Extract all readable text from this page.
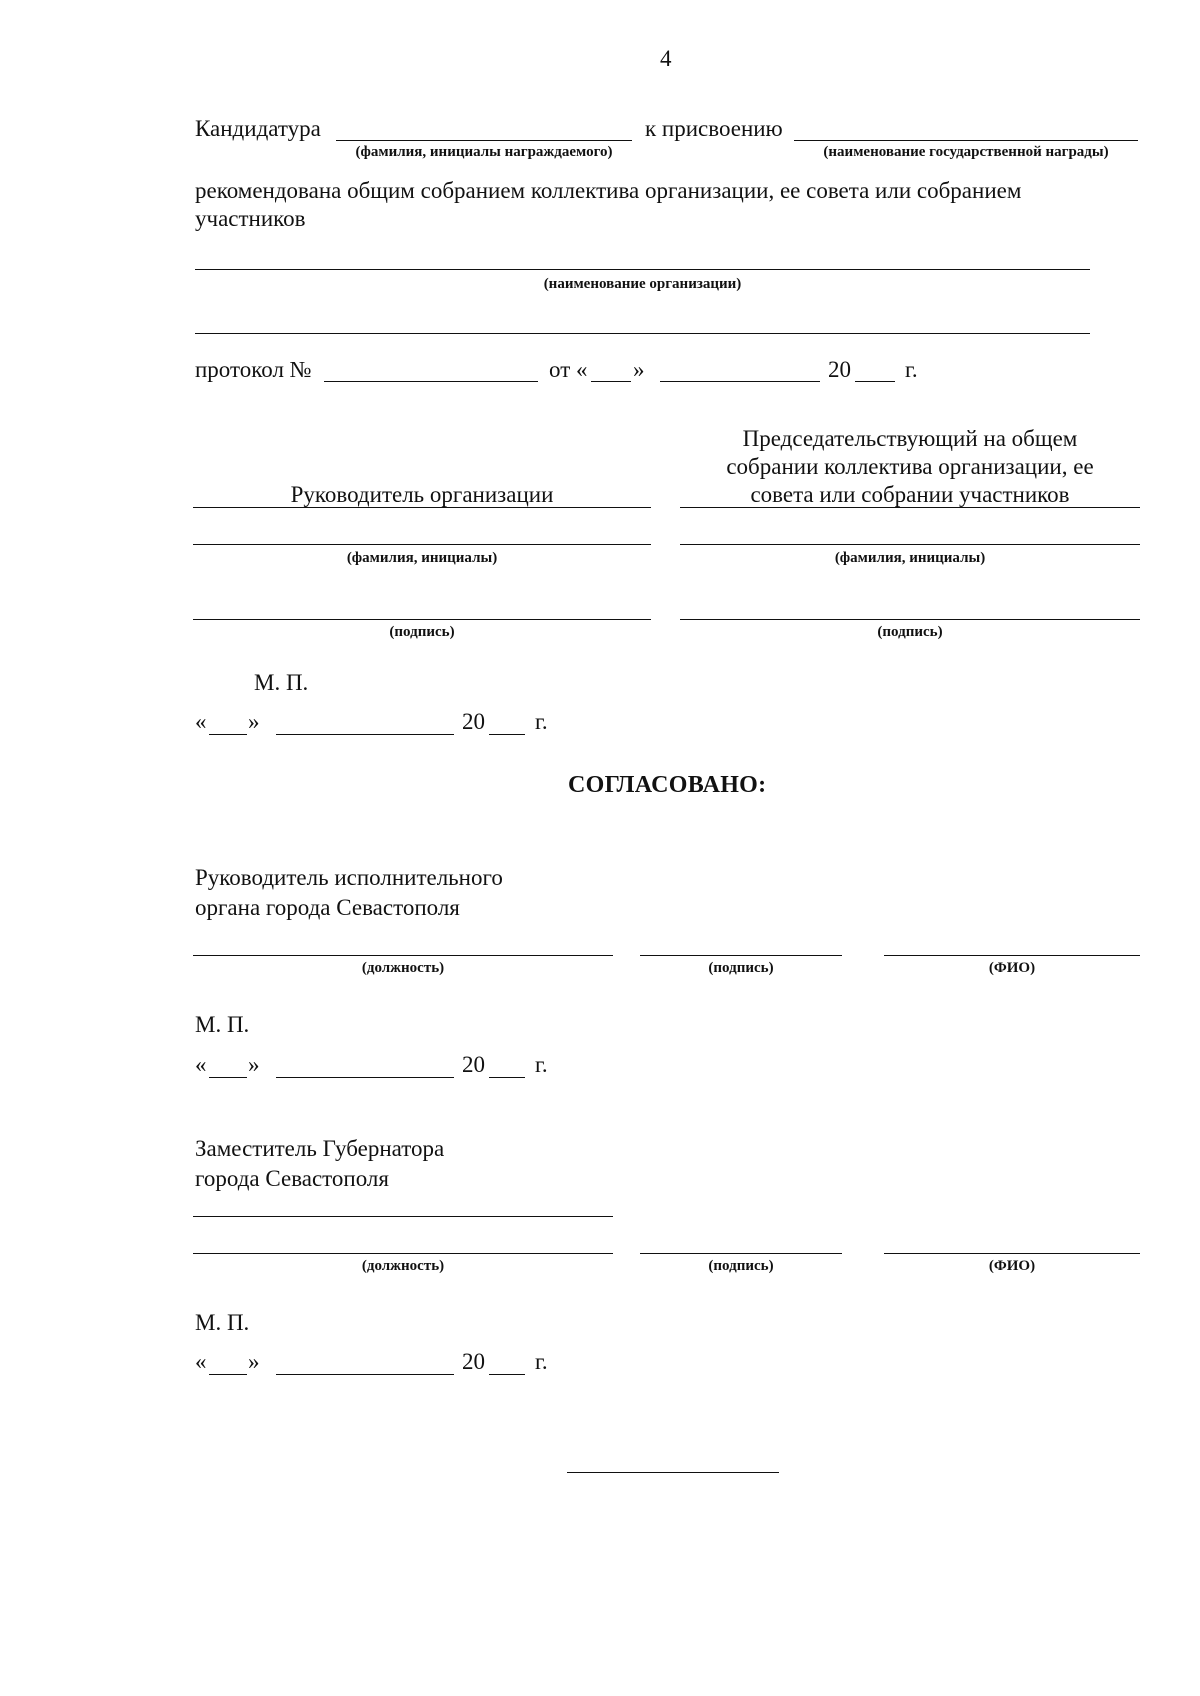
4
Кандидатура
(фамилия, инициалы награждаемого)
к присвоению
(наименование государственной награды)
рекомендована общим собранием коллектива организации, ее совета или собранием
участников
(наименование организации)
протокол №	от « »	20 г.
Председательствующий на общем
собрании коллектива организации, ее
совета или собрании участников
Руководитель организации
(фамилия, инициалы)	(фамилия, инициалы)
(подпись)	(подпись)
М. П.
« »	20 г.
СОГЛАСОВАНО:
Руководитель исполнительного
органа города Севастополя
(должность)	(подпись)	(ФИО)
М. П.
« »	20 г.
Заместитель Губернатора
города Севастополя
(должность)	(подпись)	(ФИО)
М. П.
« »	20 г.
